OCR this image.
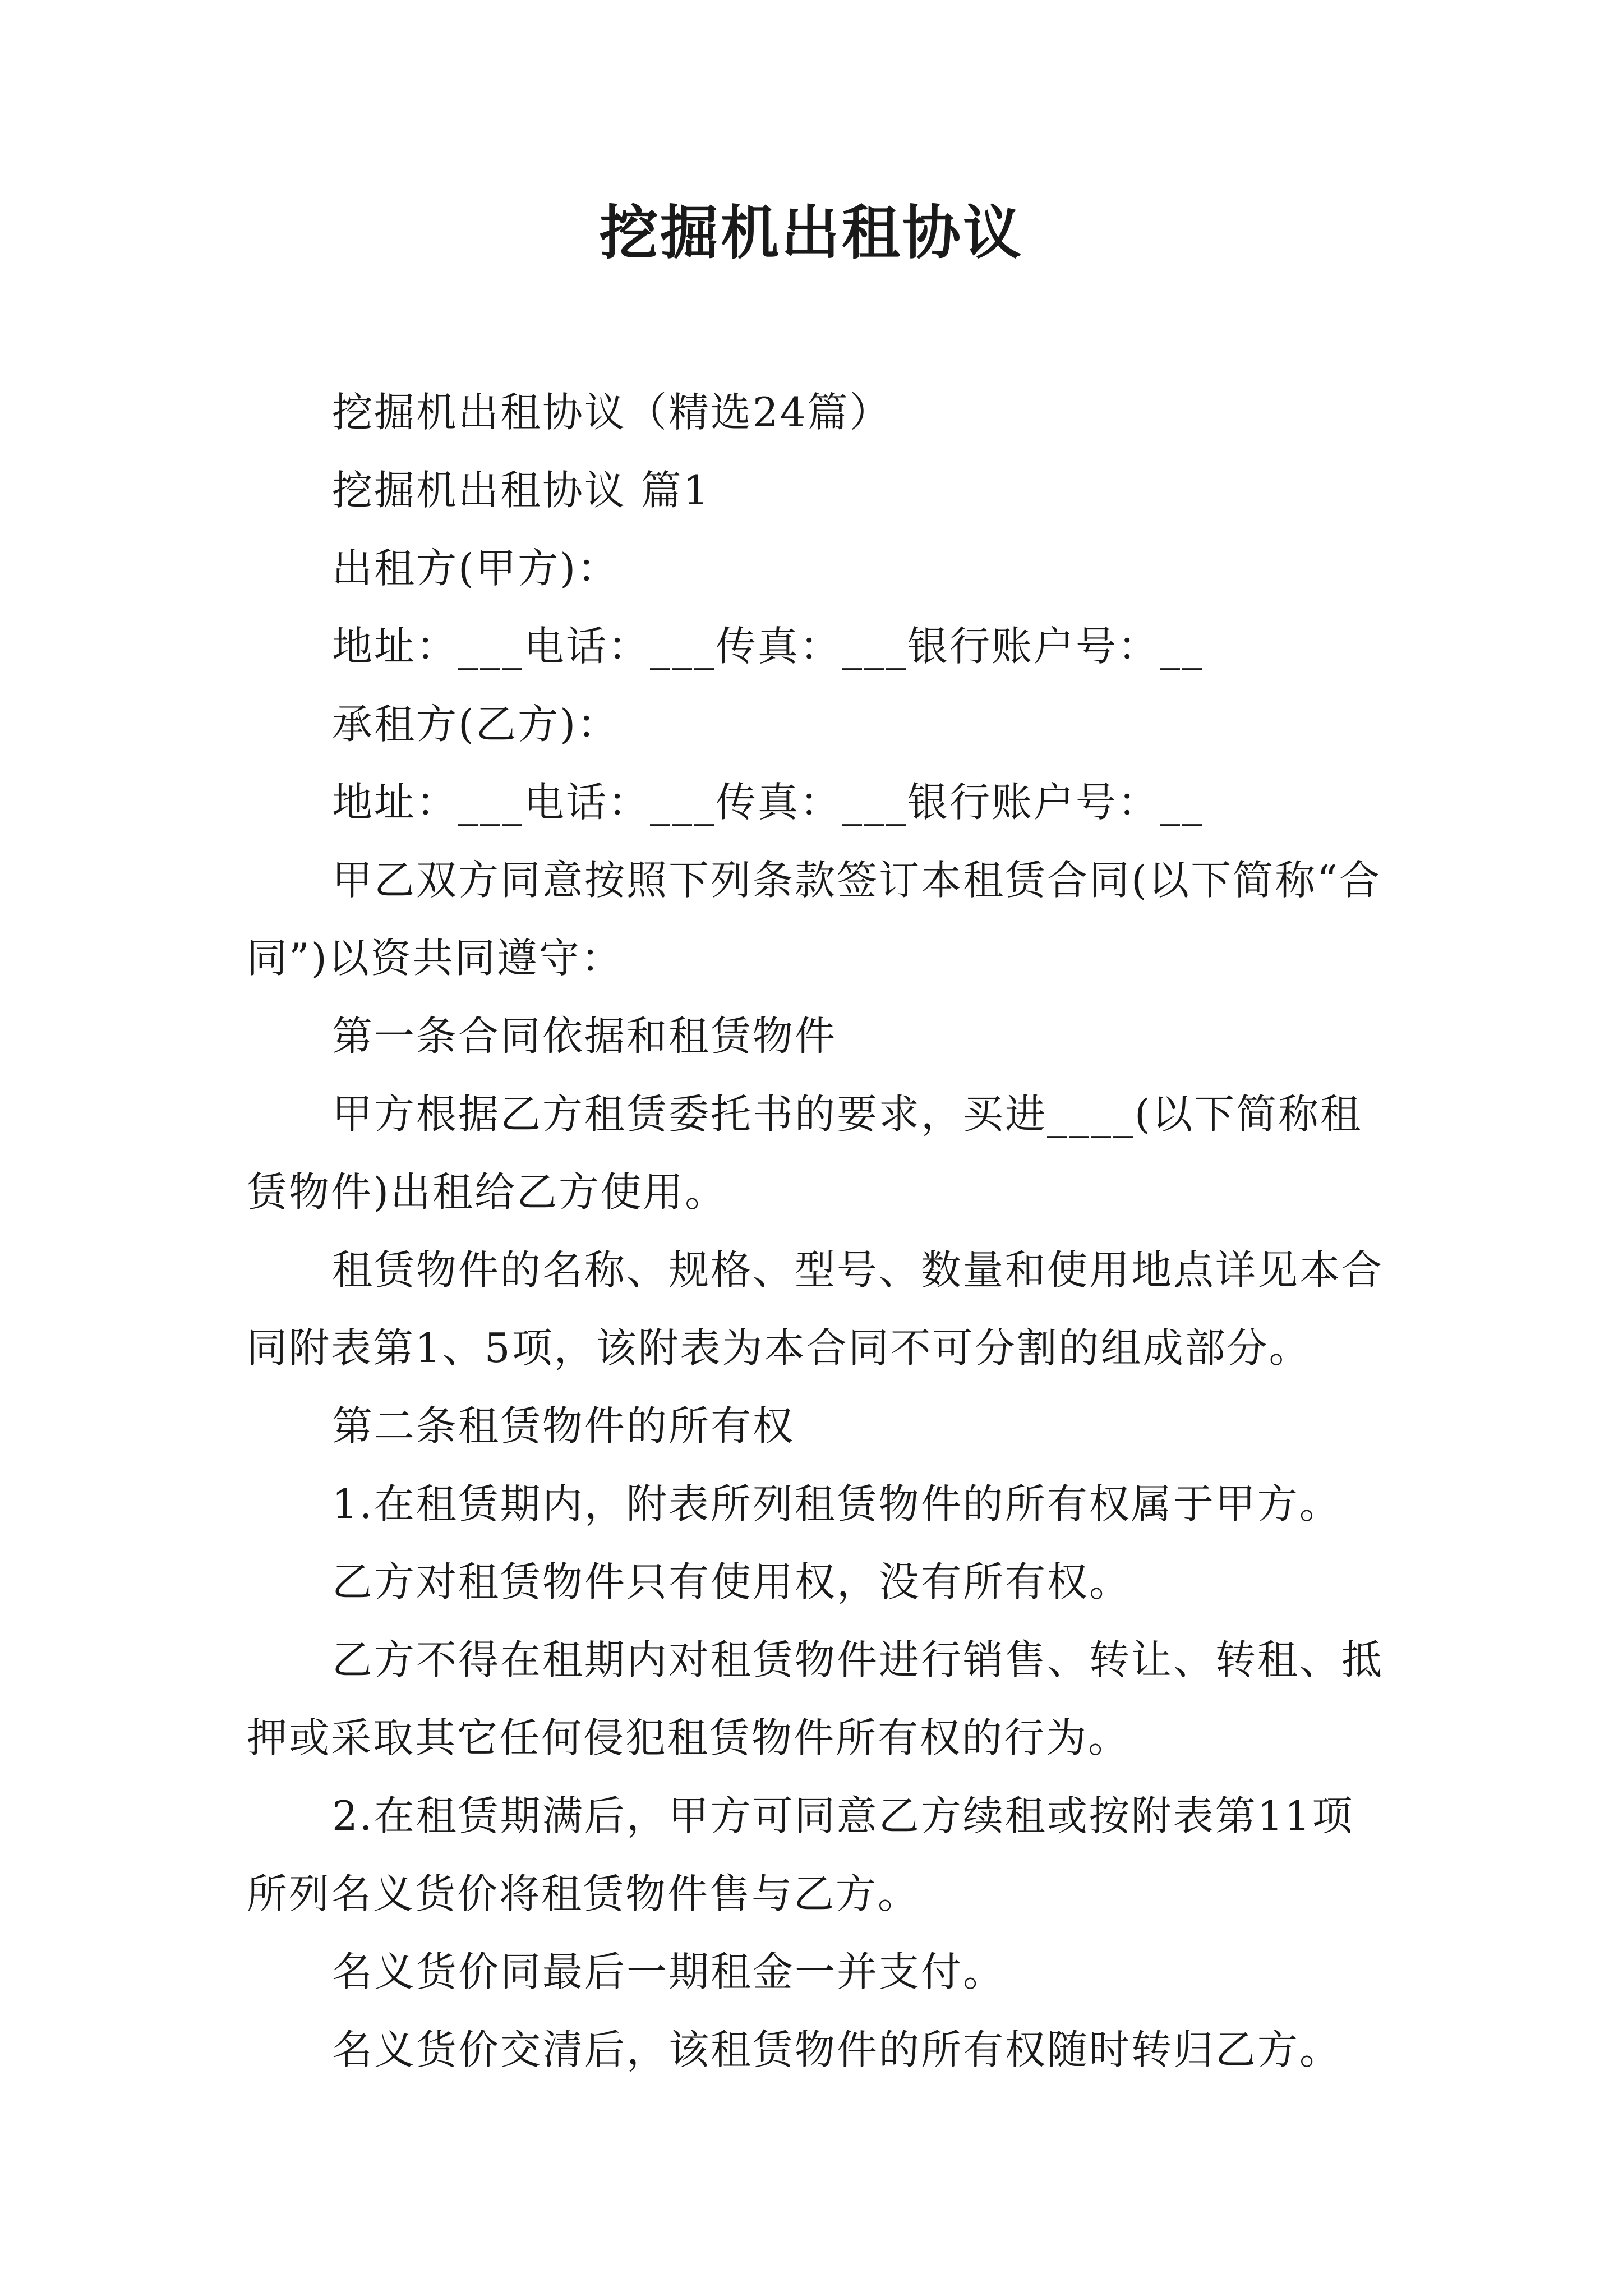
挖掘机出租协议

挖掘机出租协议（精选24篇）

挖掘机出租协议 篇1

出租方(甲方)：

地址：___电话：___传真：___银行账户号：__

承租方(乙方)：

地址：___电话：___传真：___银行账户号：__

甲乙双方同意按照下列条款签订本租赁合同(以下简称“合同”)以资共同遵守：

第一条合同依据和租赁物件

甲方根据乙方租赁委托书的要求，买进____(以下简称租赁物件)出租给乙方使用。

租赁物件的名称、规格、型号、数量和使用地点详见本合同附表第1、5项，该附表为本合同不可分割的组成部分。

第二条租赁物件的所有权

1.在租赁期内，附表所列租赁物件的所有权属于甲方。

乙方对租赁物件只有使用权，没有所有权。

乙方不得在租期内对租赁物件进行销售、转让、转租、抵押或采取其它任何侵犯租赁物件所有权的行为。

2.在租赁期满后，甲方可同意乙方续租或按附表第11项所列名义货价将租赁物件售与乙方。

名义货价同最后一期租金一并支付。

名义货价交清后，该租赁物件的所有权随时转归乙方。
